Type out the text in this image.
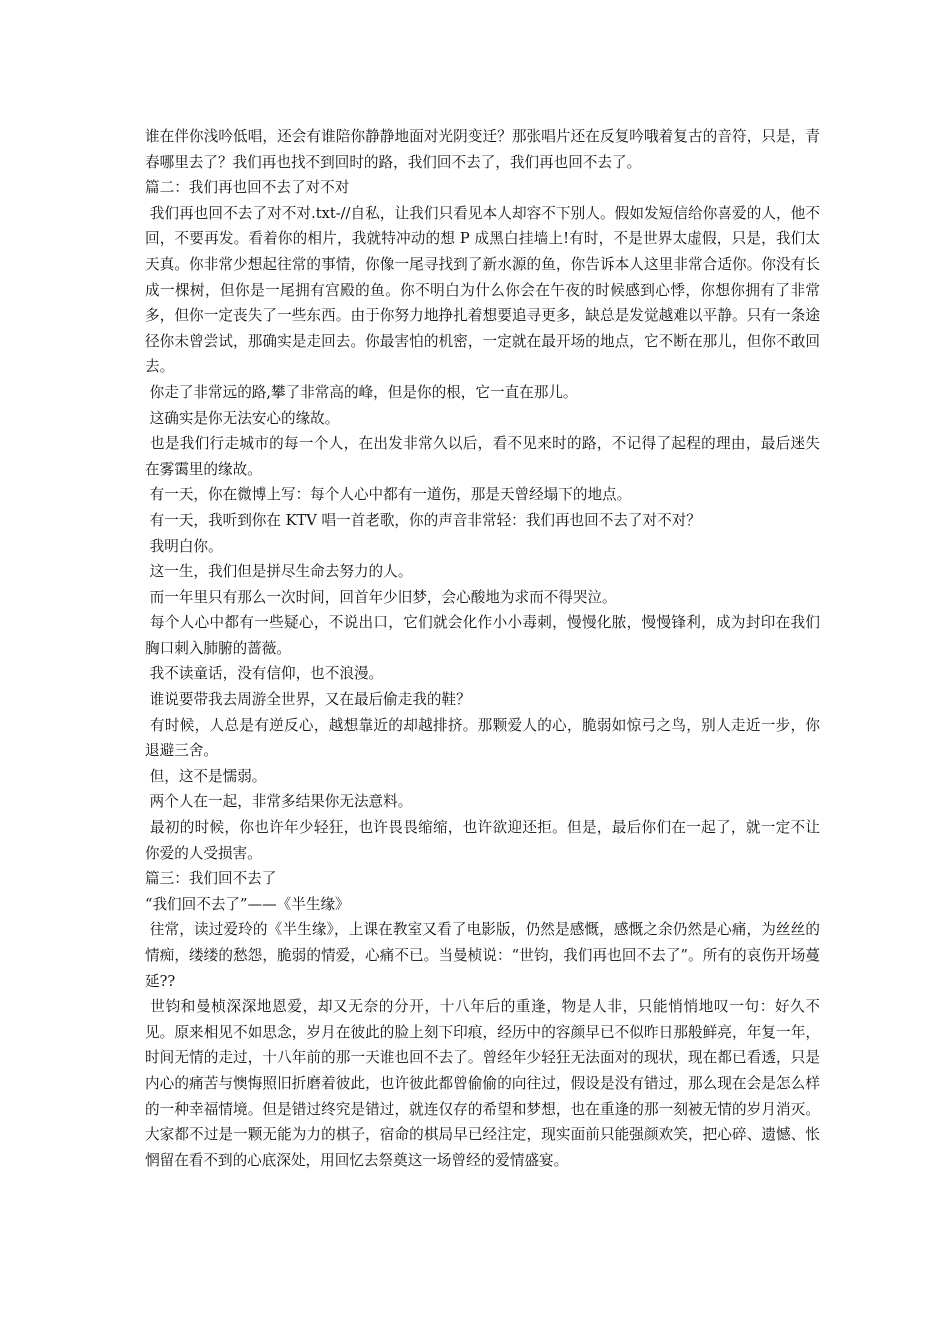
谁在伴你浅吟低唱，还会有谁陪你静静地面对光阴变迁？那张唱片还在反复吟哦着复古的音符，只是，青春哪里去了？我们再也找不到回时的路，我们回不去了，我们再也回不去了。

篇二：我们再也回不去了对不对

我们再也回不去了对不对.txt-//自私，让我们只看见本人却容不下别人。假如发短信给你喜爱的人，他不回，不要再发。看着你的相片，我就特冲动的想 P 成黑白挂墙上!有时，不是世界太虚假，只是，我们太天真。你非常少想起往常的事情，你像一尾寻找到了新水源的鱼，你告诉本人这里非常合适你。你没有长成一棵树，但你是一尾拥有宫殿的鱼。你不明白为什么你会在午夜的时候感到心悸，你想你拥有了非常多，但你一定丧失了一些东西。由于你努力地挣扎着想要追寻更多，缺总是发觉越难以平静。只有一条途径你未曾尝试，那确实是走回去。你最害怕的机密，一定就在最开场的地点，它不断在那儿，但你不敢回去。

你走了非常远的路,攀了非常高的峰，但是你的根，它一直在那儿。

这确实是你无法安心的缘故。

也是我们行走城市的每一个人，在出发非常久以后，看不见来时的路，不记得了起程的理由，最后迷失在雾霭里的缘故。

有一天，你在微博上写：每个人心中都有一道伤，那是天曾经塌下的地点。

有一天，我听到你在 KTV 唱一首老歌，你的声音非常轻：我们再也回不去了对不对？

我明白你。

这一生，我们但是拼尽生命去努力的人。

而一年里只有那么一次时间，回首年少旧梦，会心酸地为求而不得哭泣。

每个人心中都有一些疑心，不说出口，它们就会化作小小毒刺，慢慢化脓，慢慢锋利，成为封印在我们胸口刺入肺腑的蔷薇。

我不读童话，没有信仰，也不浪漫。

谁说要带我去周游全世界，又在最后偷走我的鞋？

有时候，人总是有逆反心，越想靠近的却越排挤。那颗爱人的心，脆弱如惊弓之鸟，别人走近一步，你退避三舍。

但，这不是懦弱。

两个人在一起，非常多结果你无法意料。

最初的时候，你也许年少轻狂，也许畏畏缩缩，也许欲迎还拒。但是，最后你们在一起了，就一定不让你爱的人受损害。

篇三：我们回不去了

“我们回不去了”——《半生缘》

往常，读过爱玲的《半生缘》，上课在教室又看了电影版，仍然是感慨，感慨之余仍然是心痛，为丝丝的情痴，缕缕的愁怨，脆弱的情爱，心痛不已。当曼桢说：“世钧，我们再也回不去了”。所有的哀伤开场蔓延??

世钧和曼桢深深地恩爱，却又无奈的分开，十八年后的重逢，物是人非，只能悄悄地叹一句：好久不见。原来相见不如思念，岁月在彼此的脸上刻下印痕，经历中的容颜早已不似昨日那般鲜亮，年复一年，时间无情的走过，十八年前的那一天谁也回不去了。曾经年少轻狂无法面对的现状，现在都已看透，只是内心的痛苦与懊悔照旧折磨着彼此，也许彼此都曾偷偷的向往过，假设是没有错过，那么现在会是怎么样的一种幸福情境。但是错过终究是错过，就连仅存的希望和梦想，也在重逢的那一刻被无情的岁月消灭。大家都不过是一颗无能为力的棋子，宿命的棋局早已经注定，现实面前只能强颜欢笑，把心碎、遗憾、怅惘留在看不到的心底深处，用回忆去祭奠这一场曾经的爱情盛宴。
